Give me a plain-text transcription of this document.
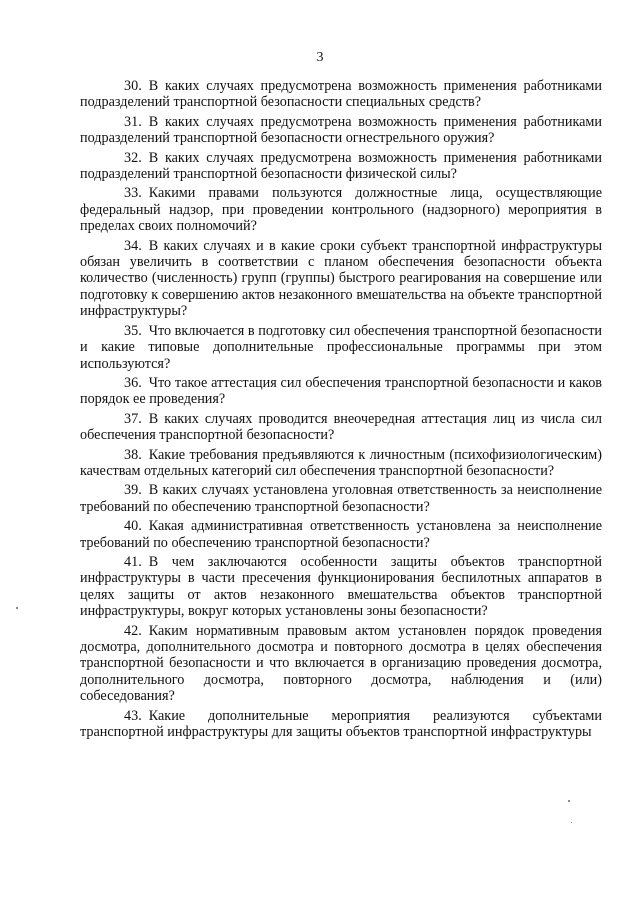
3

30. В каких случаях предусмотрена возможность применения работниками подразделений транспортной безопасности специальных средств?

31. В каких случаях предусмотрена возможность применения работниками подразделений транспортной безопасности огнестрельного оружия?

32. В каких случаях предусмотрена возможность применения работниками подразделений транспортной безопасности физической силы?

33. Какими правами пользуются должностные лица, осуществляющие федеральный надзор, при проведении контрольного (надзорного) мероприятия в пределах своих полномочий?

34. В каких случаях и в какие сроки субъект транспортной инфраструктуры обязан увеличить в соответствии с планом обеспечения безопасности объекта количество (численность) групп (группы) быстрого реагирования на совершение или подготовку к совершению актов незаконного вмешательства на объекте транспортной инфраструктуры?

35. Что включается в подготовку сил обеспечения транспортной безопасности и какие типовые дополнительные профессиональные программы при этом используются?

36. Что такое аттестация сил обеспечения транспортной безопасности и каков порядок ее проведения?

37. В каких случаях проводится внеочередная аттестация лиц из числа сил обеспечения транспортной безопасности?

38. Какие требования предъявляются к личностным (психофизиологическим) качествам отдельных категорий сил обеспечения транспортной безопасности?

39. В каких случаях установлена уголовная ответственность за неисполнение требований по обеспечению транспортной безопасности?

40. Какая административная ответственность установлена за неисполнение требований по обеспечению транспортной безопасности?

41. В чем заключаются особенности защиты объектов транспортной инфраструктуры в части пресечения функционирования беспилотных аппаратов в целях защиты от актов незаконного вмешательства объектов транспортной инфраструктуры, вокруг которых установлены зоны безопасности?

42. Каким нормативным правовым актом установлен порядок проведения досмотра, дополнительного досмотра и повторного досмотра в целях обеспечения транспортной безопасности и что включается в организацию проведения досмотра, дополнительного досмотра, повторного досмотра, наблюдения и (или) собеседования?

43. Какие дополнительные мероприятия реализуются субъектами транспортной инфраструктуры для защиты объектов транспортной инфраструктуры
